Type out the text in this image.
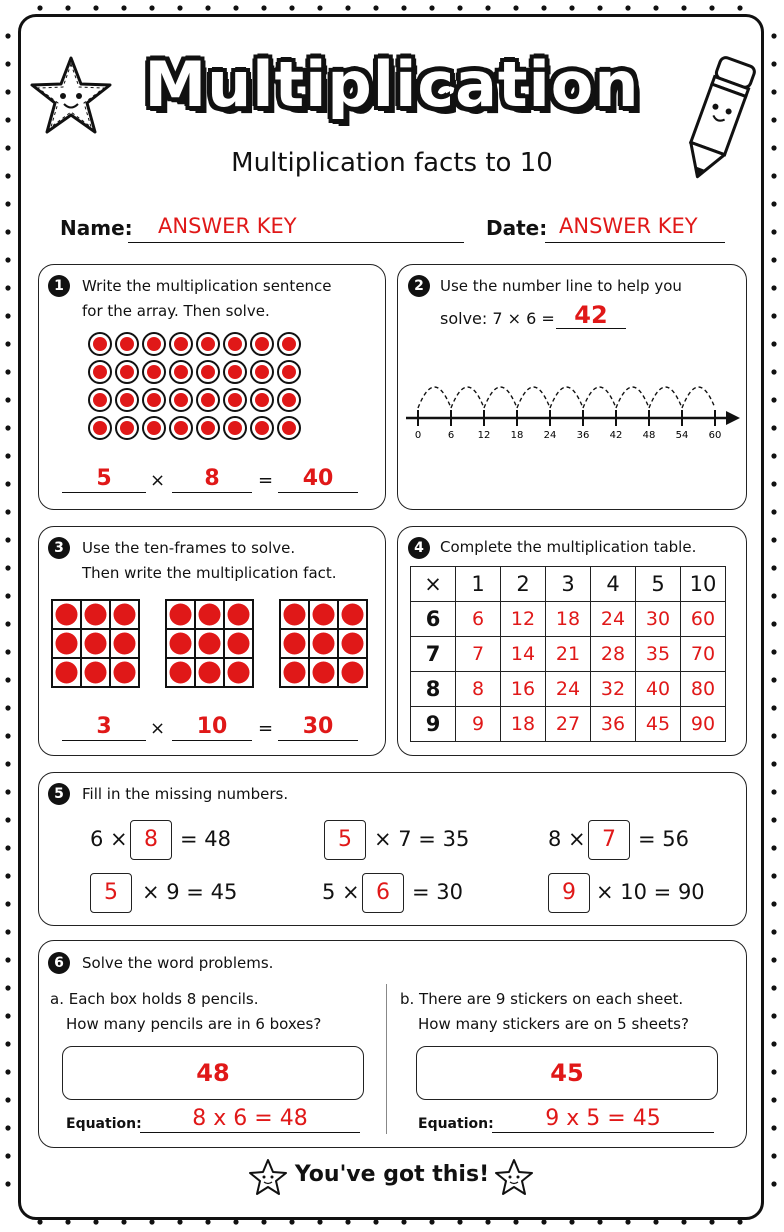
Multiplication
Multiplication facts to 10
Name: ANSWER KEY	Date: ANSWER KEY
1	Write the multiplication sentence
for the array. Then solve.
5	×	8	=	40
2	Use the number line to help you
solve: 7 × 6 = 42
0	6 12 18 24 36 42 48 54 60
3	Use the ten-frames to solve.
Then write the multiplication fact.
3	×	10	=	30
4	Complete the multiplication table.
×	1	2	3	4	5	10
6	6	12	18	24	30	60
7	7	14	21	28	35	70
8	8	16	24	32	40	80
9	9	18	27	36	45	90
5	Fill in the missing numbers.
6 × 8	= 48	5	× 7 = 35	8 × 7	= 56
5	× 9 = 45	5 × 6	= 30	9 × 10 = 90
6	Solve the word problems.
a. Each box holds 8 pencils.
How many pencils are in 6 boxes?
48
Equation:	8 x 6 = 48
b. There are 9 stickers on each sheet.
How many stickers are on 5 sheets?
45
Equation:	9 x 5 = 45
You've got this!
